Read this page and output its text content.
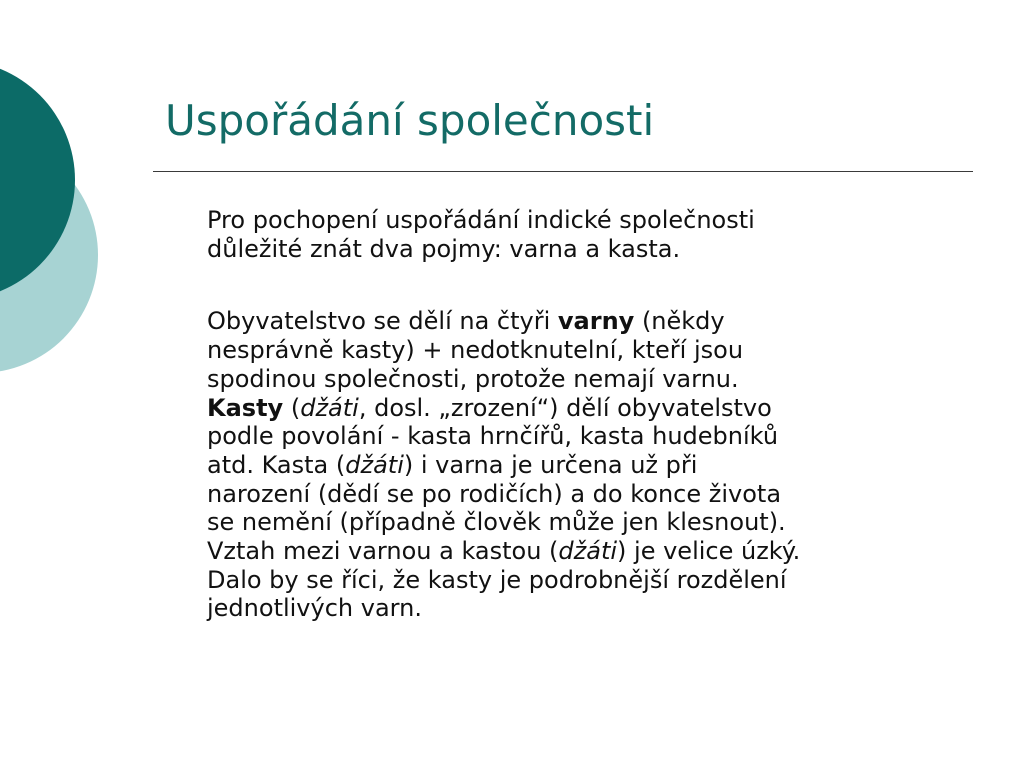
Uspořádání společnosti

Pro pochopení uspořádání indické společnosti
důležité znát dva pojmy: varna a kasta.

Obyvatelstvo se dělí na čtyři varny (někdy
nesprávně kasty) + nedotknutelní, kteří jsou
spodinou společnosti, protože nemají varnu.
Kasty (džáti, dosl. „zrození“) dělí obyvatelstvo
podle povolání - kasta hrnčířů, kasta hudebníků
atd. Kasta (džáti) i varna je určena už při
narození (dědí se po rodičích) a do konce života
se nemění (případně člověk může jen klesnout).
Vztah mezi varnou a kastou (džáti) je velice úzký.
Dalo by se říci, že kasty je podrobnější rozdělení
jednotlivých varn.
